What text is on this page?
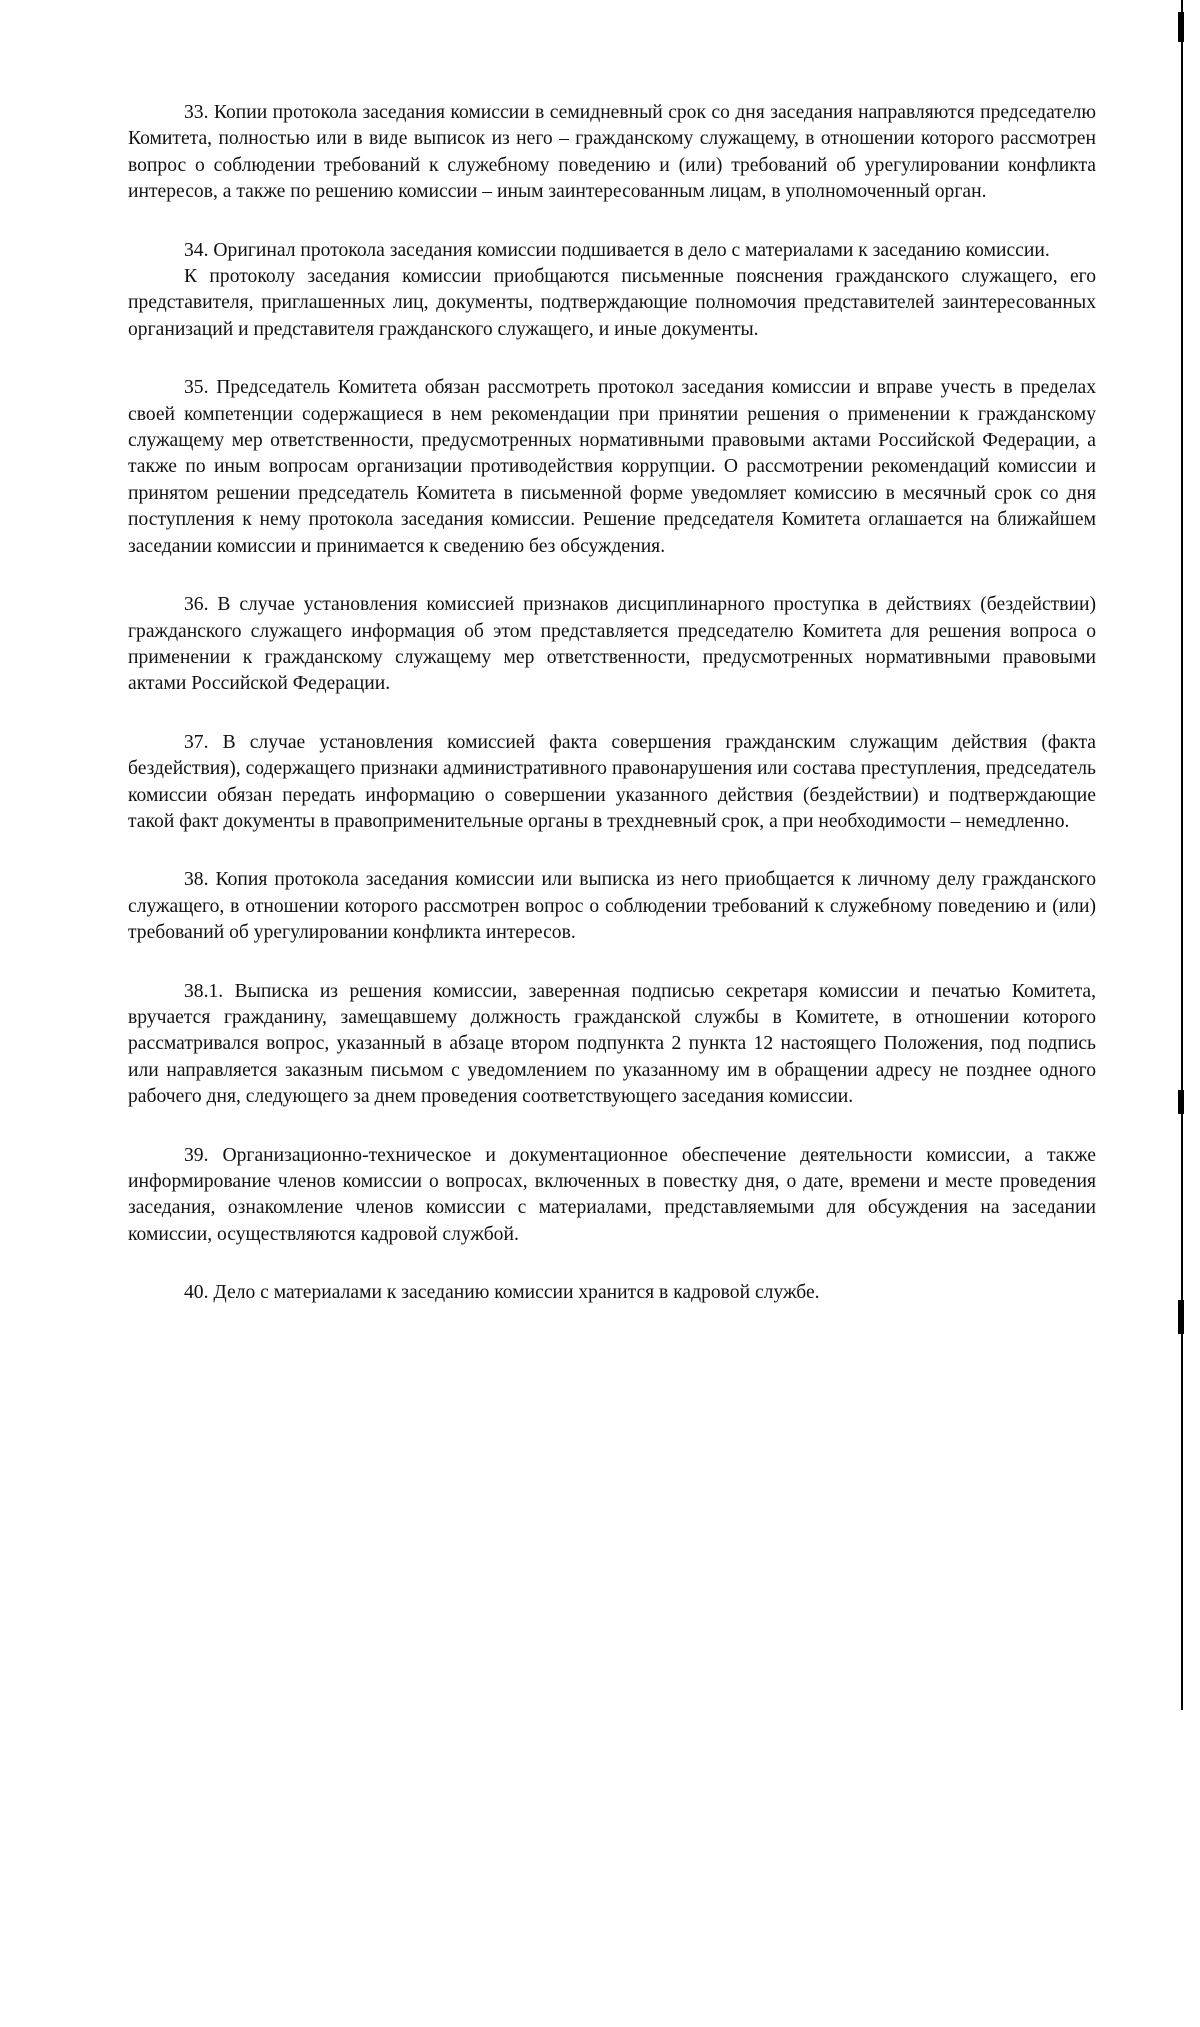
33. Копии протокола заседания комиссии в семидневный срок со дня заседания направляются председателю Комитета, полностью или в виде выписок из него – гражданскому служащему, в отношении которого рассмотрен вопрос о соблюдении требований к служебному поведению и (или) требований об урегулировании конфликта интересов, а также по решению комиссии – иным заинтересованным лицам, в уполномоченный орган.

34. Оригинал протокола заседания комиссии подшивается в дело с материалами к заседанию комиссии.

К протоколу заседания комиссии приобщаются письменные пояснения гражданского служащего, его представителя, приглашенных лиц, документы, подтверждающие полномочия представителей заинтересованных организаций и представителя гражданского служащего, и иные документы.

35. Председатель Комитета обязан рассмотреть протокол заседания комиссии и вправе учесть в пределах своей компетенции содержащиеся в нем рекомендации при принятии решения о применении к гражданскому служащему мер ответственности, предусмотренных нормативными правовыми актами Российской Федерации, а также по иным вопросам организации противодействия коррупции. О рассмотрении рекомендаций комиссии и принятом решении председатель Комитета в письменной форме уведомляет комиссию в месячный срок со дня поступления к нему протокола заседания комиссии. Решение председателя Комитета оглашается на ближайшем заседании комиссии и принимается к сведению без обсуждения.

36. В случае установления комиссией признаков дисциплинарного проступка в действиях (бездействии) гражданского служащего информация об этом представляется председателю Комитета для решения вопроса о применении к гражданскому служащему мер ответственности, предусмотренных нормативными правовыми актами Российской Федерации.

37. В случае установления комиссией факта совершения гражданским служащим действия (факта бездействия), содержащего признаки административного правонарушения или состава преступления, председатель комиссии обязан передать информацию о совершении указанного действия (бездействии) и подтверждающие такой факт документы в правоприменительные органы в трехдневный срок, а при необходимости – немедленно.

38. Копия протокола заседания комиссии или выписка из него приобщается к личному делу гражданского служащего, в отношении которого рассмотрен вопрос о соблюдении требований к служебному поведению и (или) требований об урегулировании конфликта интересов.

38.1. Выписка из решения комиссии, заверенная подписью секретаря комиссии и печатью Комитета, вручается гражданину, замещавшему должность гражданской службы в Комитете, в отношении которого рассматривался вопрос, указанный в абзаце втором подпункта 2 пункта 12 настоящего Положения, под подпись или направляется заказным письмом с уведомлением по указанному им в обращении адресу не позднее одного рабочего дня, следующего за днем проведения соответствующего заседания комиссии.

39. Организационно-техническое и документационное обеспечение деятельности комиссии, а также информирование членов комиссии о вопросах, включенных в повестку дня, о дате, времени и месте проведения заседания, ознакомление членов комиссии с материалами, представляемыми для обсуждения на заседании комиссии, осуществляются кадровой службой.

40. Дело с материалами к заседанию комиссии хранится в кадровой службе.
